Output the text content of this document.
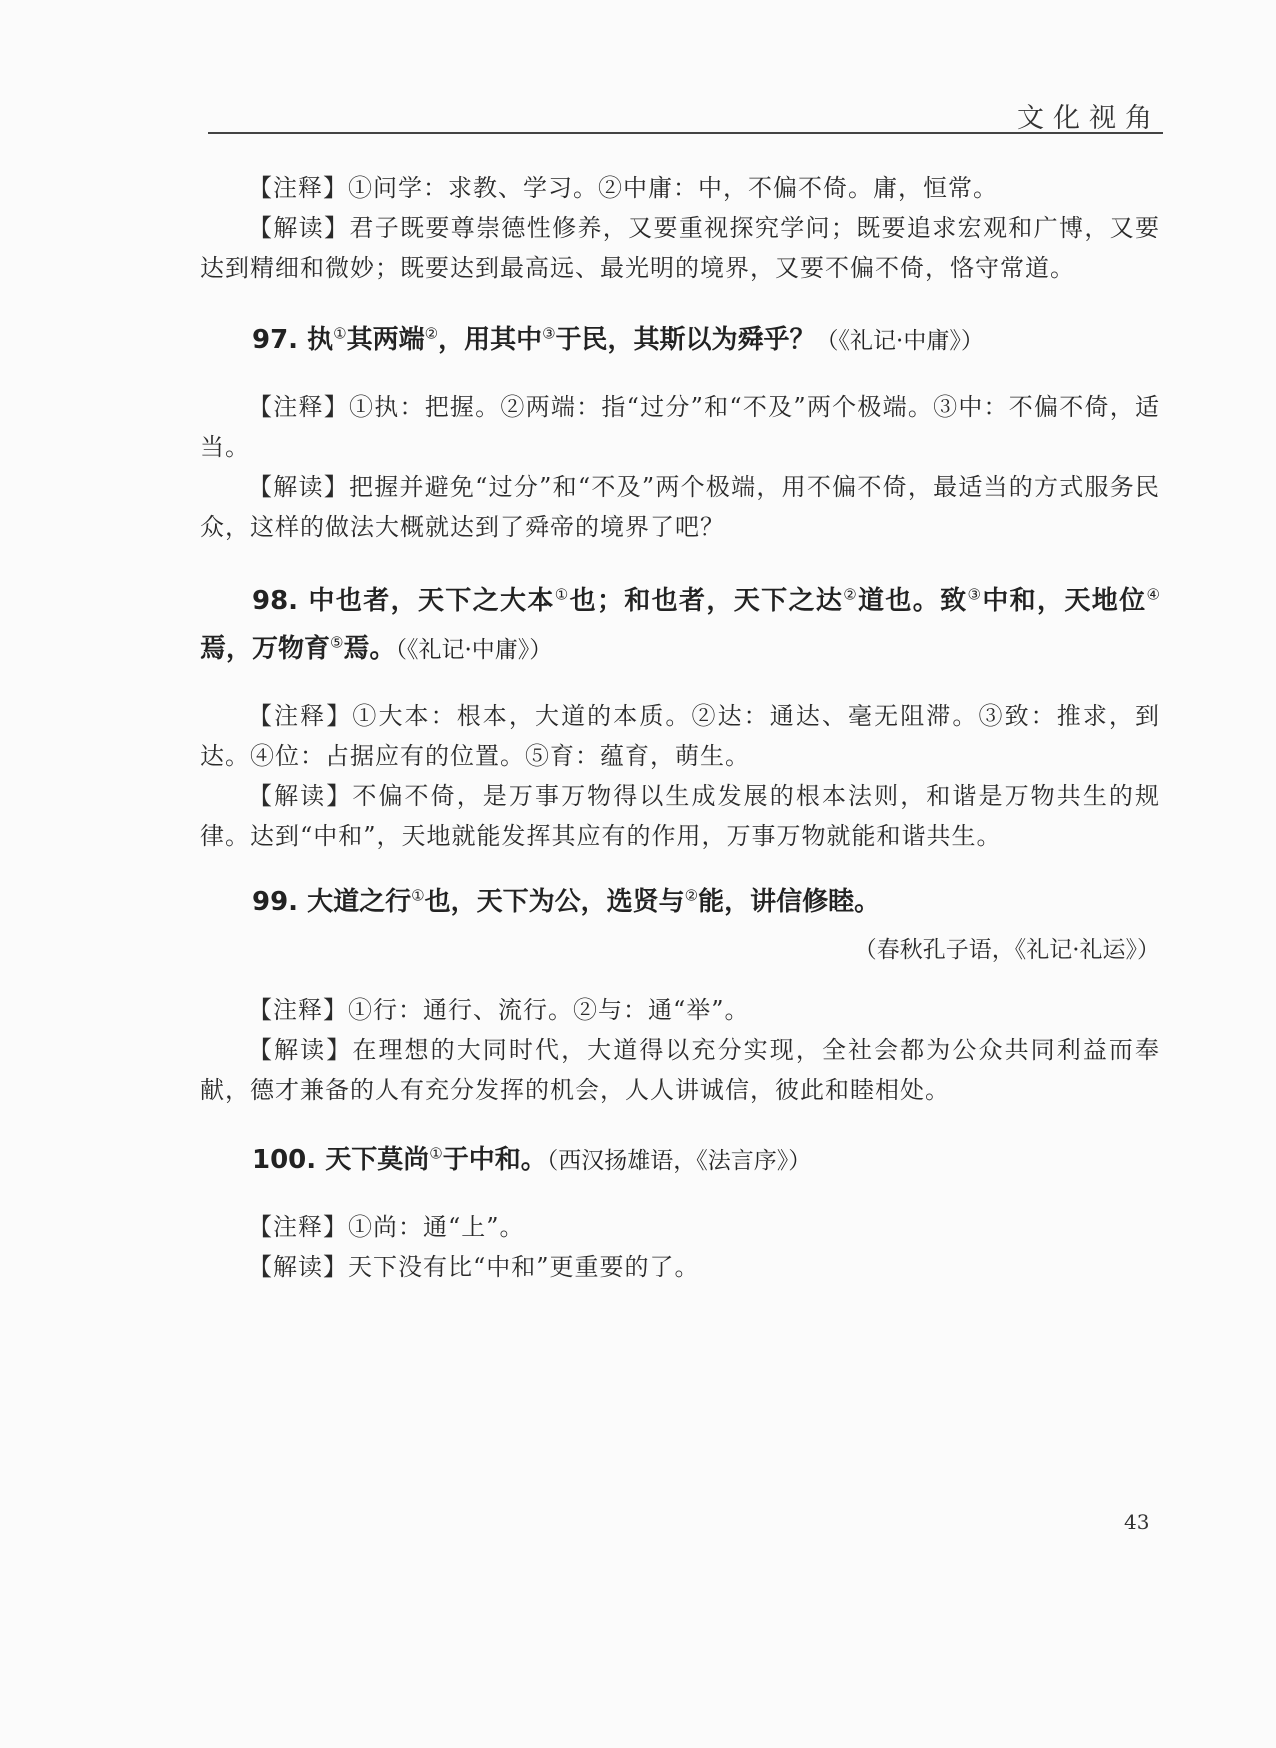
文化视角

【注释】①问学：求教、学习。②中庸：中，不偏不倚。庸，恒常。

【解读】君子既要尊崇德性修养，又要重视探究学问；既要追求宏观和广博，又要达到精细和微妙；既要达到最高远、最光明的境界，又要不偏不倚，恪守常道。

97. 执①其两端②，用其中③于民，其斯以为舜乎？（《礼记·中庸》）

【注释】①执：把握。②两端：指“过分”和“不及”两个极端。③中：不偏不倚，适当。

【解读】把握并避免“过分”和“不及”两个极端，用不偏不倚，最适当的方式服务民众，这样的做法大概就达到了舜帝的境界了吧？

98. 中也者，天下之大本①也；和也者，天下之达②道也。致③中和，天地位④焉，万物育⑤焉。（《礼记·中庸》）

【注释】①大本：根本，大道的本质。②达：通达、毫无阻滞。③致：推求，到达。④位：占据应有的位置。⑤育：蕴育，萌生。

【解读】不偏不倚，是万事万物得以生成发展的根本法则，和谐是万物共生的规律。达到“中和”，天地就能发挥其应有的作用，万事万物就能和谐共生。

99. 大道之行①也，天下为公，选贤与②能，讲信修睦。

（春秋孔子语，《礼记·礼运》）

【注释】①行：通行、流行。②与：通“举”。

【解读】在理想的大同时代，大道得以充分实现，全社会都为公众共同利益而奉献，德才兼备的人有充分发挥的机会，人人讲诚信，彼此和睦相处。

100. 天下莫尚①于中和。（西汉扬雄语，《法言序》）

【注释】①尚：通“上”。

【解读】天下没有比“中和”更重要的了。

43
